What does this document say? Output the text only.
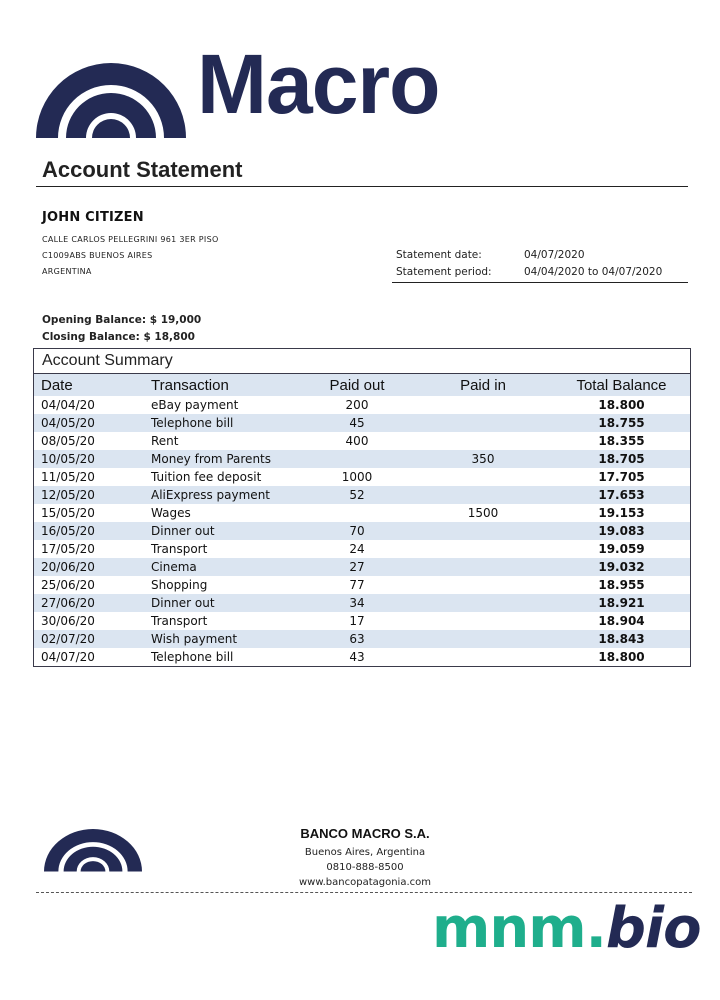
Macro
Account Statement
JOHN CITIZEN
CALLE CARLOS PELLEGRINI 961 3ER PISO
C1009ABS BUENOS AIRES
ARGENTINA
Statement date:	04/07/2020
Statement period:	04/04/2020 to 04/07/2020
Opening Balance: $ 19,000
Closing Balance: $ 18,800
Account Summary
Date	Transaction	Paid out	Paid in	Total Balance
04/04/20	eBay payment	200		18.800
04/05/20	Telephone bill	45		18.755
08/05/20	Rent	400		18.355
10/05/20	Money from Parents		350	18.705
11/05/20	Tuition fee deposit	1000		17.705
12/05/20	AliExpress payment	52		17.653
15/05/20	Wages		1500	19.153
16/05/20	Dinner out	70		19.083
17/05/20	Transport	24		19.059
20/06/20	Cinema	27		19.032
25/06/20	Shopping	77		18.955
27/06/20	Dinner out	34		18.921
30/06/20	Transport	17		18.904
02/07/20	Wish payment	63		18.843
04/07/20	Telephone bill	43		18.800
BANCO MACRO S.A.
Buenos Aires, Argentina
0810-888-8500
www.bancopatagonia.com
mnm.bio
